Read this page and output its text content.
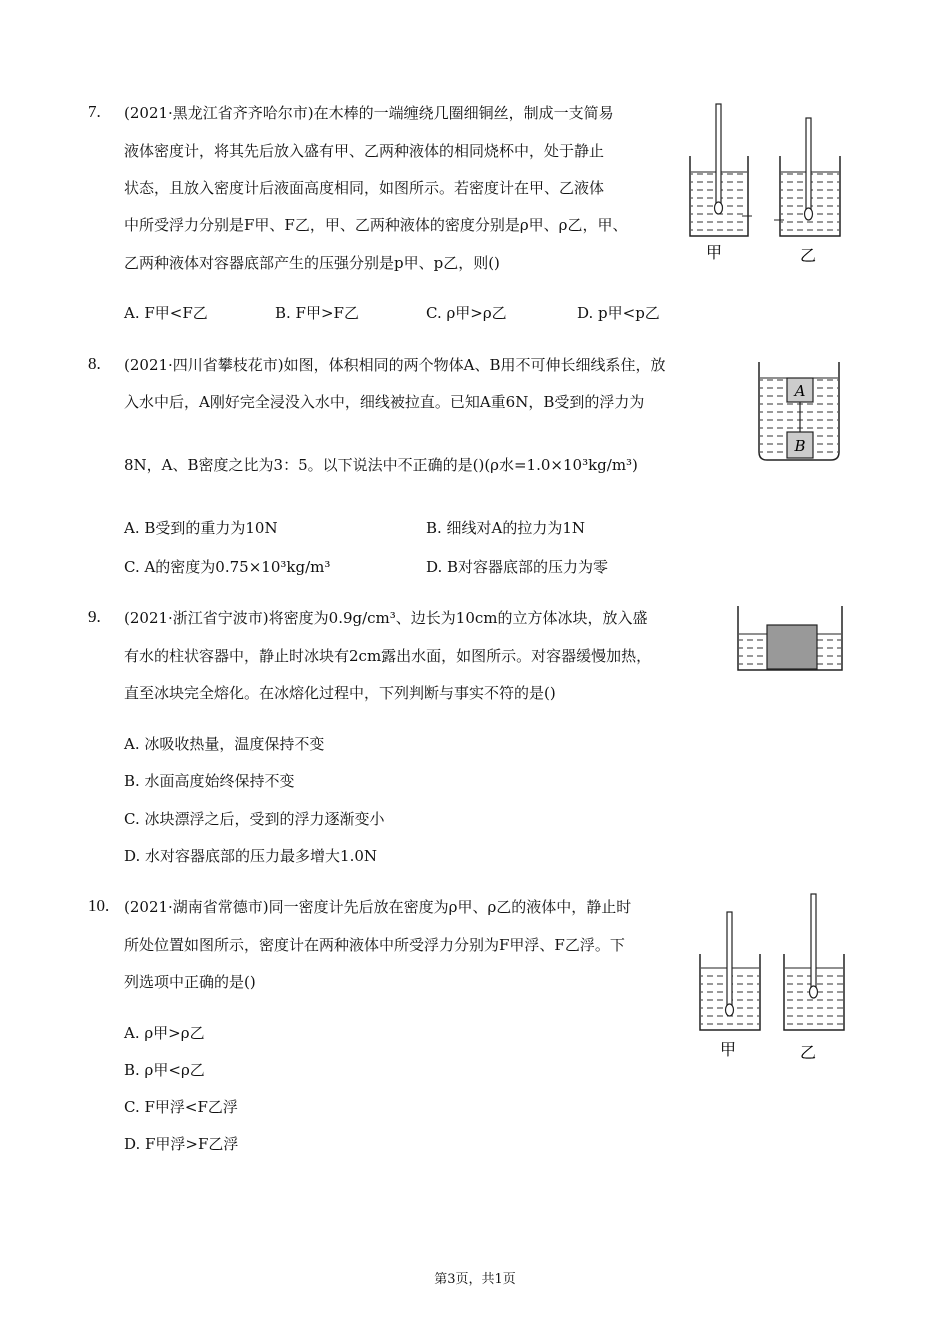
7. (2021·黑龙江省齐齐哈尔市)在木棒的一端缠绕几圈细铜丝，制成一支简易
液体密度计，将其先后放入盛有甲、乙两种液体的相同烧杯中，处于静止
状态，且放入密度计后液面高度相同，如图所示。若密度计在甲、乙液体
中所受浮力分别是F甲、F乙，甲、乙两种液体的密度分别是ρ甲、ρ乙，甲、
乙两种液体对容器底部产生的压强分别是p甲、p乙，则()
A. F甲<F乙	B. F甲>F乙	C. ρ甲>ρ乙	D. p甲<p乙
甲	乙
8. (2021·四川省攀枝花市)如图，体积相同的两个物体A、B用不可伸长细线系住，放
入水中后，A刚好完全浸没入水中，细线被拉直。已知A重6N，B受到的浮力为
8N，A、B密度之比为3：5。以下说法中不正确的是()(ρ水=1.0×10³kg/m³)
A. B受到的重力为10N	B. 细线对A的拉力为1N
C. A的密度为0.75×10³kg/m³	D. B对容器底部的压力为零
A
B
9. (2021·浙江省宁波市)将密度为0.9g/cm³、边长为10cm的立方体冰块，放入盛
有水的柱状容器中，静止时冰块有2cm露出水面，如图所示。对容器缓慢加热，
直至冰块完全熔化。在冰熔化过程中，下列判断与事实不符的是()
A. 冰吸收热量，温度保持不变
B. 水面高度始终保持不变
C. 冰块漂浮之后，受到的浮力逐渐变小
D. 水对容器底部的压力最多增大1.0N
10. (2021·湖南省常德市)同一密度计先后放在密度为ρ甲、ρ乙的液体中，静止时
所处位置如图所示，密度计在两种液体中所受浮力分别为F甲浮、F乙浮。下
列选项中正确的是()
A. ρ甲>ρ乙
B. ρ甲<ρ乙
C. F甲浮<F乙浮
D. F甲浮>F乙浮
甲	乙
第3页，共1页
